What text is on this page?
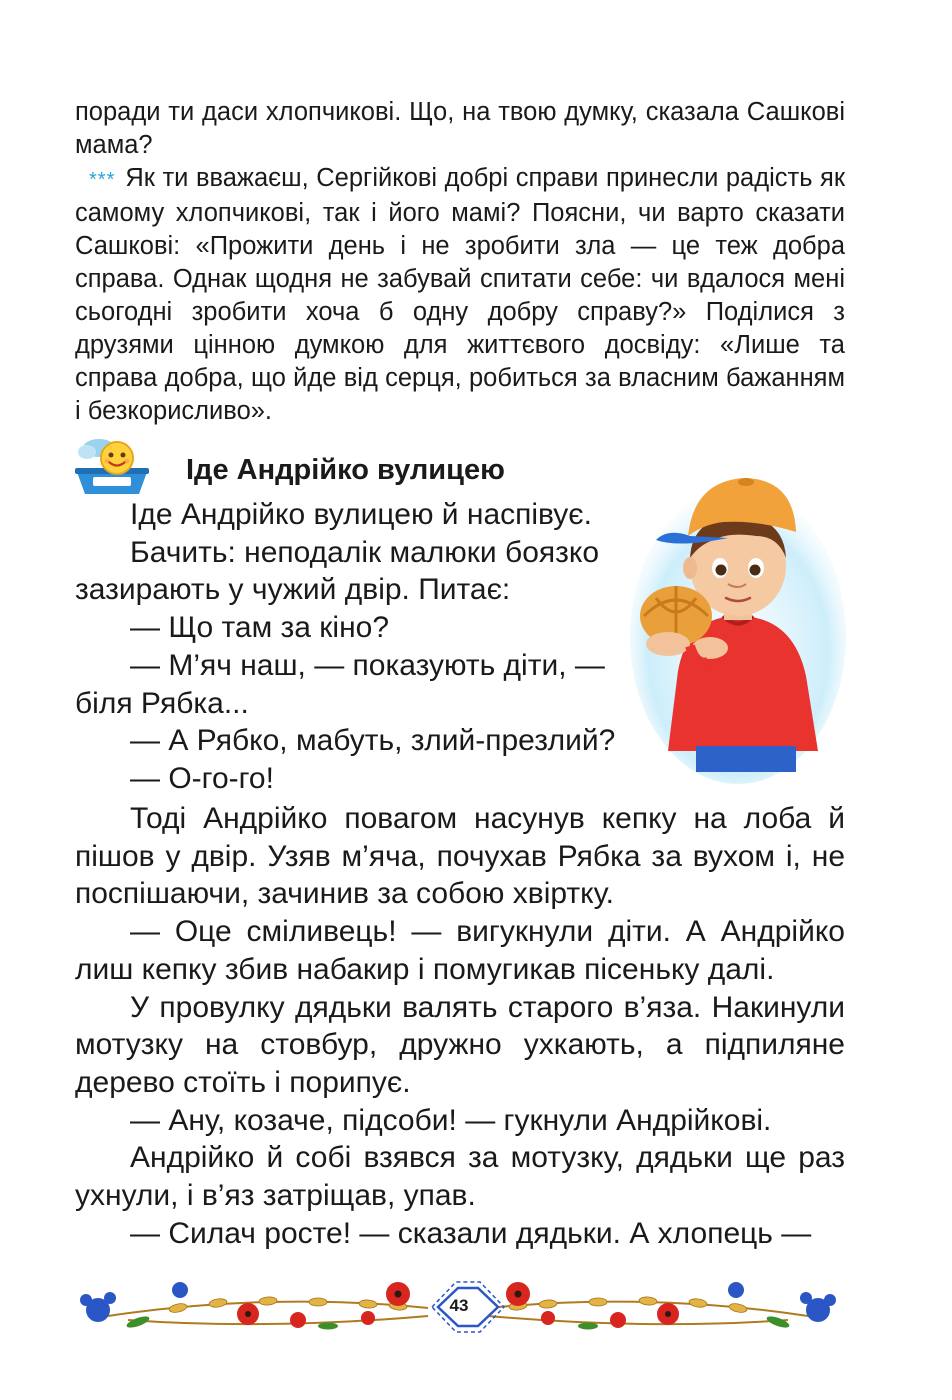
поради ти даси хлопчикові. Що, на твою думку, сказала Сашкові мама?
*** Як ти вважаєш, Сергійкові добрі справи принесли радість як самому хлопчикові, так і його мамі? Поясни, чи варто сказати Сашкові: «Прожити день і не зробити зла — це теж добра справа. Однак щодня не забувай спитати себе: чи вдалося мені сьогодні зробити хоча б одну добру справу?» Поділися з друзями цінною думкою для життєвого досвіду: «Лише та справа добра, що йде від серця, робиться за власним бажанням і безкорисливо».
Іде Андрійко вулицею

Іде Андрійко вулицею й наспівує.

Бачить: неподалік малюки боязко зазирають у чужий двір. Питає:

— Що там за кіно?

— М’яч наш, — показують діти, — біля Рябка...

— А Рябко, мабуть, злий-презлий?

— О-го-го!

Тоді Андрійко повагом насунув кепку на лоба й пішов у двір. Узяв м’яча, почухав Рябка за вухом і, не поспішаючи, зачинив за собою хвіртку.

— Оце сміливець! — вигукнули діти. А Андрійко лиш кепку збив набакир і помугикав пісеньку далі.

У провулку дядьки валять старого в’яза. Накинули мотузку на стовбур, дружно ухкають, а підпиляне дерево стоїть і порипує.

— Ану, козаче, підсоби! — гукнули Андрійкові.

Андрійко й собі взявся за мотузку, дядьки ще раз ухнули, і в’яз затріщав, упав.

— Силач росте! — сказали дядьки. А хлопець —

43
